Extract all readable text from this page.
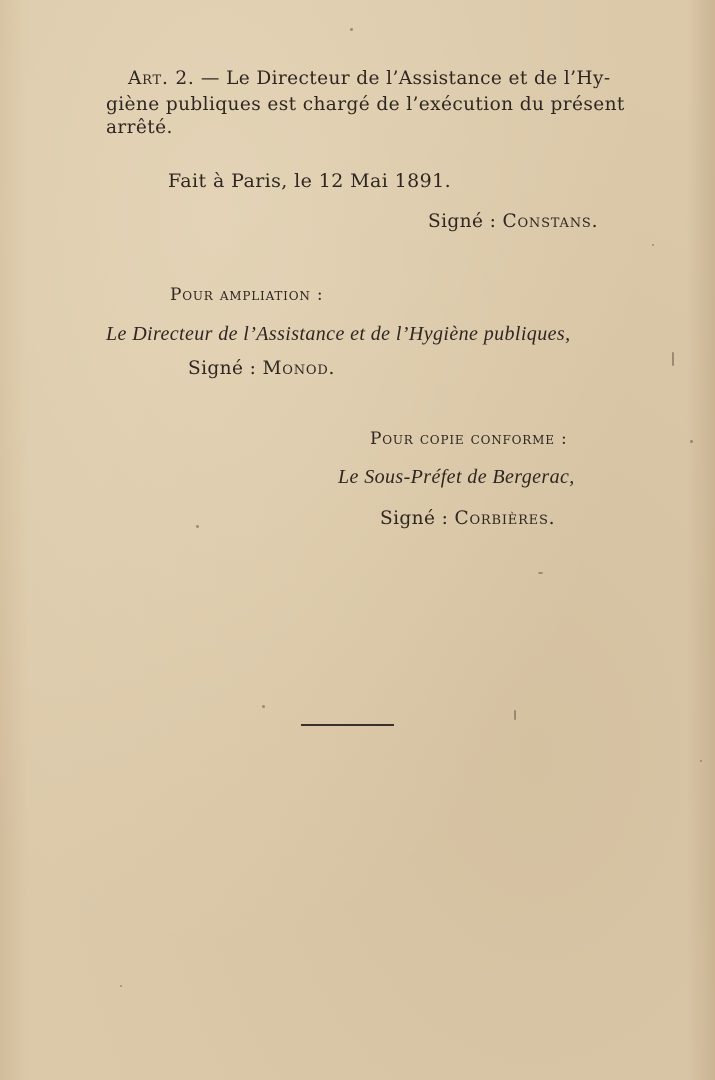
Art. 2. — Le Directeur de l’Assistance et de l’Hy-
giène publiques est chargé de l’exécution du présent
arrêté.
Fait à Paris, le 12 Mai 1891.
Signé : Constans.
Pour ampliation :
Le Directeur de l’Assistance et de l’Hygiène publiques,
Signé : Monod.
Pour copie conforme :
Le Sous-Préfet de Bergerac,
Signé : Corbières.
